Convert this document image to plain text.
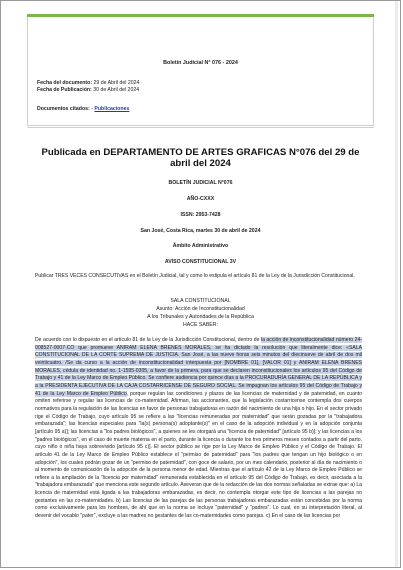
Boletín Judicial N° 076 - 2024
Fecha del documento: 29 de Abril del 2024
Fecha de Publicación: 30 de Abril del 2024
Documentos citados: - Publicaciones
Publicada en DEPARTAMENTO DE ARTES GRAFICAS N°076 del 29 de abril del 2024
BOLETÍN JUDICIAL N°076
AÑO-CXXX
ISSN: 2953-7428
San José, Costa Rica, martes 30 de abril de 2024
Ámbito Administrativo
AVISO CONSTITUCIONAL 3V
Publicar TRES VECES CONSECUTIVAS en el Boletín Judicial, tal y como lo estipula el artículo 81 de la Ley de la Jurisdicción Constitucional.
SALA CONSTITUCIONAL
Asunto: Acción de Inconstitucionalidad
A los Tribunales y Autoridades de la República
HACE SABER:
De acuerdo con lo dispuesto en el artículo 81 de la Ley de la Jurisdicción Constitucional, dentro de la acción de inconstitucionalidad número 24-008527-0007-CO que promueve ANIRAM ELENA BRENES MORALES, se ha dictado la resolución que literalmente dice: «SALA CONSTITUCIONAL DE LA CORTE SUPREMA DE JUSTICIA. San José, a las nueve horas seis minutos del diecinueve de abril de dos mil veinticuatro. /Se da curso a la acción de inconstitucionalidad interpuesta por [NOMBRE 01], [VALOR 01] y ANIRAM ELENA BRENES MORALES, cédula de identidad no. 1-1595-0305, a favor de la primera, para que se declaren inconstitucionales los artículos 95 del Código de Trabajo y 41 de la Ley Marco de Empleo Público. Se confiere audiencia por quince días a la PROCURADURÍA GENERAL DE LA REPÚBLICA y a la PRESIDENTA EJECUTIVA DE LA CAJA COSTARRICENSE DE SEGURO SOCIAL. Se impugnan los artículos 95 del Código de Trabajo y 41 de la Ley Marco de Empleo Público, porque regulan las condiciones y plazos de las licencias de maternidad y de paternidad, en cuanto omiten referirse y regular las licencias de co-maternidad. Afirman, las accionantes, que la legislación costarricense contempla dos cuerpos normativos para la regulación de las licencias en favor de personas trabajadoras en razón del nacimiento de una hija o hijo. En el sector privado rige el Código de Trabajo, cuyo artículo 95 se refiere a las "licencias remuneradas por maternidad" que serán gozadas por la "trabajadora embarazada"; las licencias especiales para "la(s) persona(s) adoptante(s)" en el caso de la adopción individual y en la adopción conjunta [artículo 95 a)]; las licencias a "los padres biológicos", a quienes se les otorgará una "licencia de paternidad" [artículo 95 b)]; y las licencias a los "padres biológicos", en el caso de muerte materna en el parto, durante la licencia o durante los tres primeros meses contados a partir del parto, cuyo niño o niña haya sobrevivido [artículo 95 c)]. El sector público se rige por la Ley Marco de Empleo Público y el Código de Trabajo. El artículo 41 de la Ley Marco de Empleo Público establece el "permiso de paternidad" para "los padres que tengan un hijo biológico o en adopción", los cuales podrán gozar de un "permiso de paternidad", con goce de salario, por un mes calendario, posterior al día de nacimiento o al momento de comunicación de la adopción de la persona menor de edad. Mientras que el artículo 42 de la Ley Marco de Empleo Público se refiere a la ampliación de la "licencia por maternidad" remunerada establecida en el artículo 95 del Código de Trabajo, es decir, asociada a la "trabajadora embarazada" que menciona este segundo artículo. Aseveran que de la redacción de las dos normas señaladas se extrae que: a) La licencia de maternidad está ligada a las trabajadoras embarazadas, es decir, no contempla otorgar este tipo de licencias a las parejas no gestantes en las co-maternidades. b) Las licencias de las parejas de las personas trabajadoras embarazadas están concebidas por la norma como exclusivamente para los hombres, de ahí que en la norma se incluye "paternidad" y "padres". Lo cual, en su interpretación literal, al devenir del vocablo "pater", excluye a las madres no gestantes de las co-maternidades como parejas. c) En el caso de las licencias por
